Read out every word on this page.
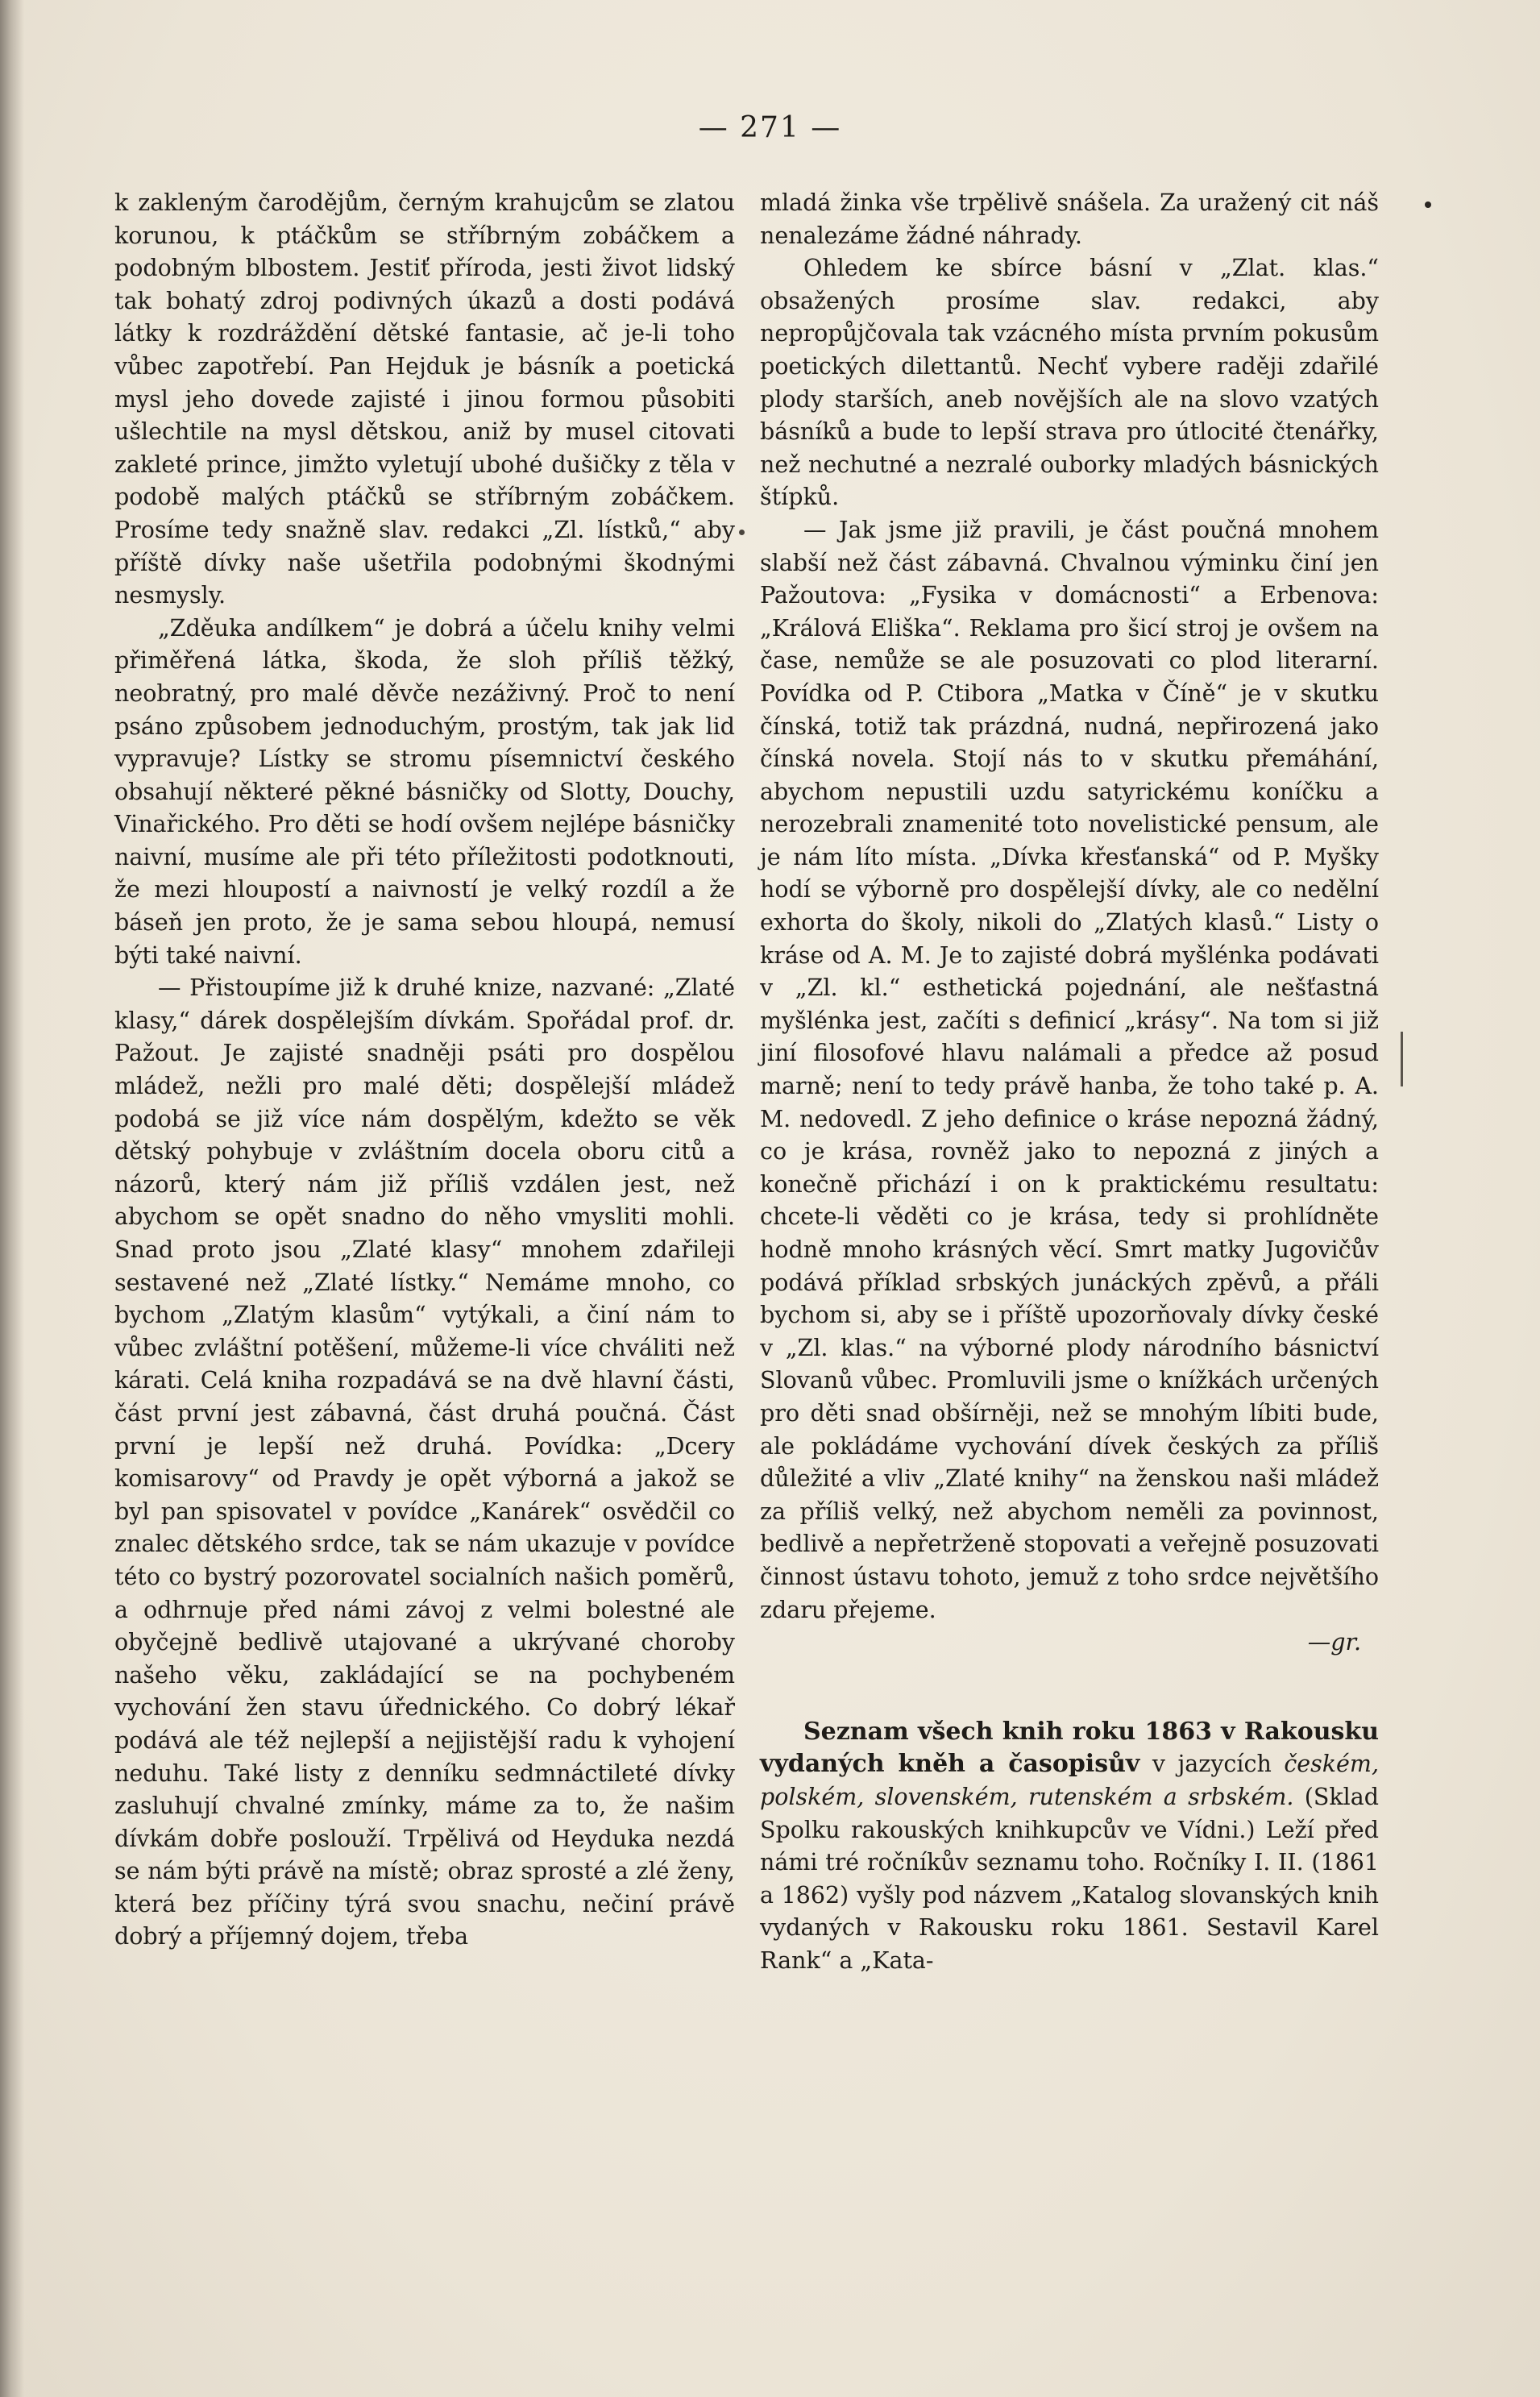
— 271 —

k zakleným čarodějům, černým krahujcům se zlatou korunou, k ptáčkům se stříbrným zobáčkem a podobným blbostem. Jestiť příroda, jesti život lidský tak bohatý zdroj podivných úkazů a dosti podává látky k rozdráždění dětské fantasie, ač je-li toho vůbec zapotřebí. Pan Hejduk je básník a poetická mysl jeho dovede zajisté i jinou formou působiti ušlechtile na mysl dětskou, aniž by musel citovati zakleté prince, jimžto vyletují ubohé dušičky z těla v podobě malých ptáčků se stříbrným zobáčkem. Prosíme tedy snažně slav. redakci „Zl. lístků,“ aby příště dívky naše ušetřila podobnými škodnými nesmysly.

„Zděuka andílkem“ je dobrá a účelu knihy velmi přiměřená látka, škoda, že sloh příliš těžký, neobratný, pro malé děvče nezáživný. Proč to není psáno způsobem jednoduchým, prostým, tak jak lid vypravuje? Lístky se stromu písemnictví českého obsahují některé pěkné básničky od Slotty, Douchy, Vinařického. Pro děti se hodí ovšem nejlépe básničky naivní, musíme ale při této příležitosti podotknouti, že mezi hloupostí a naivností je velký rozdíl a že báseň jen proto, že je sama sebou hloupá, nemusí býti také naivní.

— Přistoupíme již k druhé knize, nazvané: „Zlaté klasy,“ dárek dospělejším dívkám. Spořádal prof. dr. Pažout. Je zajisté snadněji psáti pro dospělou mládež, nežli pro malé děti; dospělejší mládež podobá se již více nám dospělým, kdežto se věk dětský pohybuje v zvláštním docela oboru citů a názorů, který nám již příliš vzdálen jest, než abychom se opět snadno do něho vmysliti mohli. Snad proto jsou „Zlaté klasy“ mnohem zdařileji sestavené než „Zlaté lístky.“ Nemáme mnoho, co bychom „Zlatým klasům“ vytýkali, a činí nám to vůbec zvláštní potěšení, můžeme-li více chváliti než kárati. Celá kniha rozpadává se na dvě hlavní části, část první jest zábavná, část druhá poučná. Část první je lepší než druhá. Povídka: „Dcery komisarovy“ od Pravdy je opět výborná a jakož se byl pan spisovatel v povídce „Kanárek“ osvědčil co znalec dětského srdce, tak se nám ukazuje v povídce této co bystrý pozorovatel socialních našich poměrů, a odhrnuje před námi závoj z velmi bolestné ale obyčejně bedlivě utajované a ukrývané choroby našeho věku, zakládající se na pochybeném vychování žen stavu úřednického. Co dobrý lékař podává ale též nejlepší a nejjistější radu k vyhojení neduhu. Také listy z denníku sedmnáctileté dívky zasluhují chvalné zmínky, máme za to, že našim dívkám dobře poslouží. Trpělivá od Heyduka nezdá se nám býti právě na místě; obraz sprosté a zlé ženy, která bez příčiny týrá svou snachu, nečiní právě dobrý a příjemný dojem, třeba

mladá žinka vše trpělivě snášela. Za uražený cit náš nenalezáme žádné náhrady.

Ohledem ke sbírce básní v „Zlat. klas.“ obsažených prosíme slav. redakci, aby nepropůjčovala tak vzácného místa prvním pokusům poetických dilettantů. Nechť vybere raději zdařilé plody starších, aneb novějších ale na slovo vzatých básníků a bude to lepší strava pro útlocité čtenářky, než nechutné a nezralé ouborky mladých básnických štípků.

— Jak jsme již pravili, je část poučná mnohem slabší než část zábavná. Chvalnou výminku činí jen Pažoutova: „Fysika v domácnosti“ a Erbenova: „Králová Eliška“. Reklama pro šicí stroj je ovšem na čase, nemůže se ale posuzovati co plod literarní. Povídka od P. Ctibora „Matka v Číně“ je v skutku čínská, totiž tak prázdná, nudná, nepřirozená jako čínská novela. Stojí nás to v skutku přemáhání, abychom nepustili uzdu satyrickému koníčku a nerozebrali znamenité toto novelistické pensum, ale je nám líto místa. „Dívka křesťanská“ od P. Myšky hodí se výborně pro dospělejší dívky, ale co nedělní exhorta do školy, nikoli do „Zlatých klasů.“ Listy o kráse od A. M. Je to zajisté dobrá myšlénka podávati v „Zl. kl.“ esthetická pojednání, ale nešťastná myšlénka jest, začíti s definicí „krásy“. Na tom si již jiní filosofové hlavu nalámali a předce až posud marně; není to tedy právě hanba, že toho také p. A. M. nedovedl. Z jeho definice o kráse nepozná žádný, co je krása, rovněž jako to nepozná z jiných a konečně přichází i on k praktickému resultatu: chcete-li věděti co je krása, tedy si prohlídněte hodně mnoho krásných věcí. Smrt matky Jugovičův podává příklad srbských junáckých zpěvů, a přáli bychom si, aby se i příště upozorňovaly dívky české v „Zl. klas.“ na výborné plody národního básnictví Slovanů vůbec. Promluvili jsme o knížkách určených pro děti snad obšírněji, než se mnohým líbiti bude, ale pokládáme vychování dívek českých za příliš důležité a vliv „Zlaté knihy“ na ženskou naši mládež za příliš velký, než abychom neměli za povinnost, bedlivě a nepřetrženě stopovati a veřejně posuzovati činnost ústavu tohoto, jemuž z toho srdce největšího zdaru přejeme.

—gr.

Seznam všech knih roku 1863 v Rakousku vydaných kněh a časopisův v jazycích českém, polském, slovenském, rutenském a srbském. (Sklad Spolku rakouských knihkupcův ve Vídni.) Leží před námi tré ročníkův seznamu toho. Ročníky I. II. (1861 a 1862) vyšly pod názvem „Katalog slovanských knih vydaných v Rakousku roku 1861. Sestavil Karel Rank“ a „Kata-
